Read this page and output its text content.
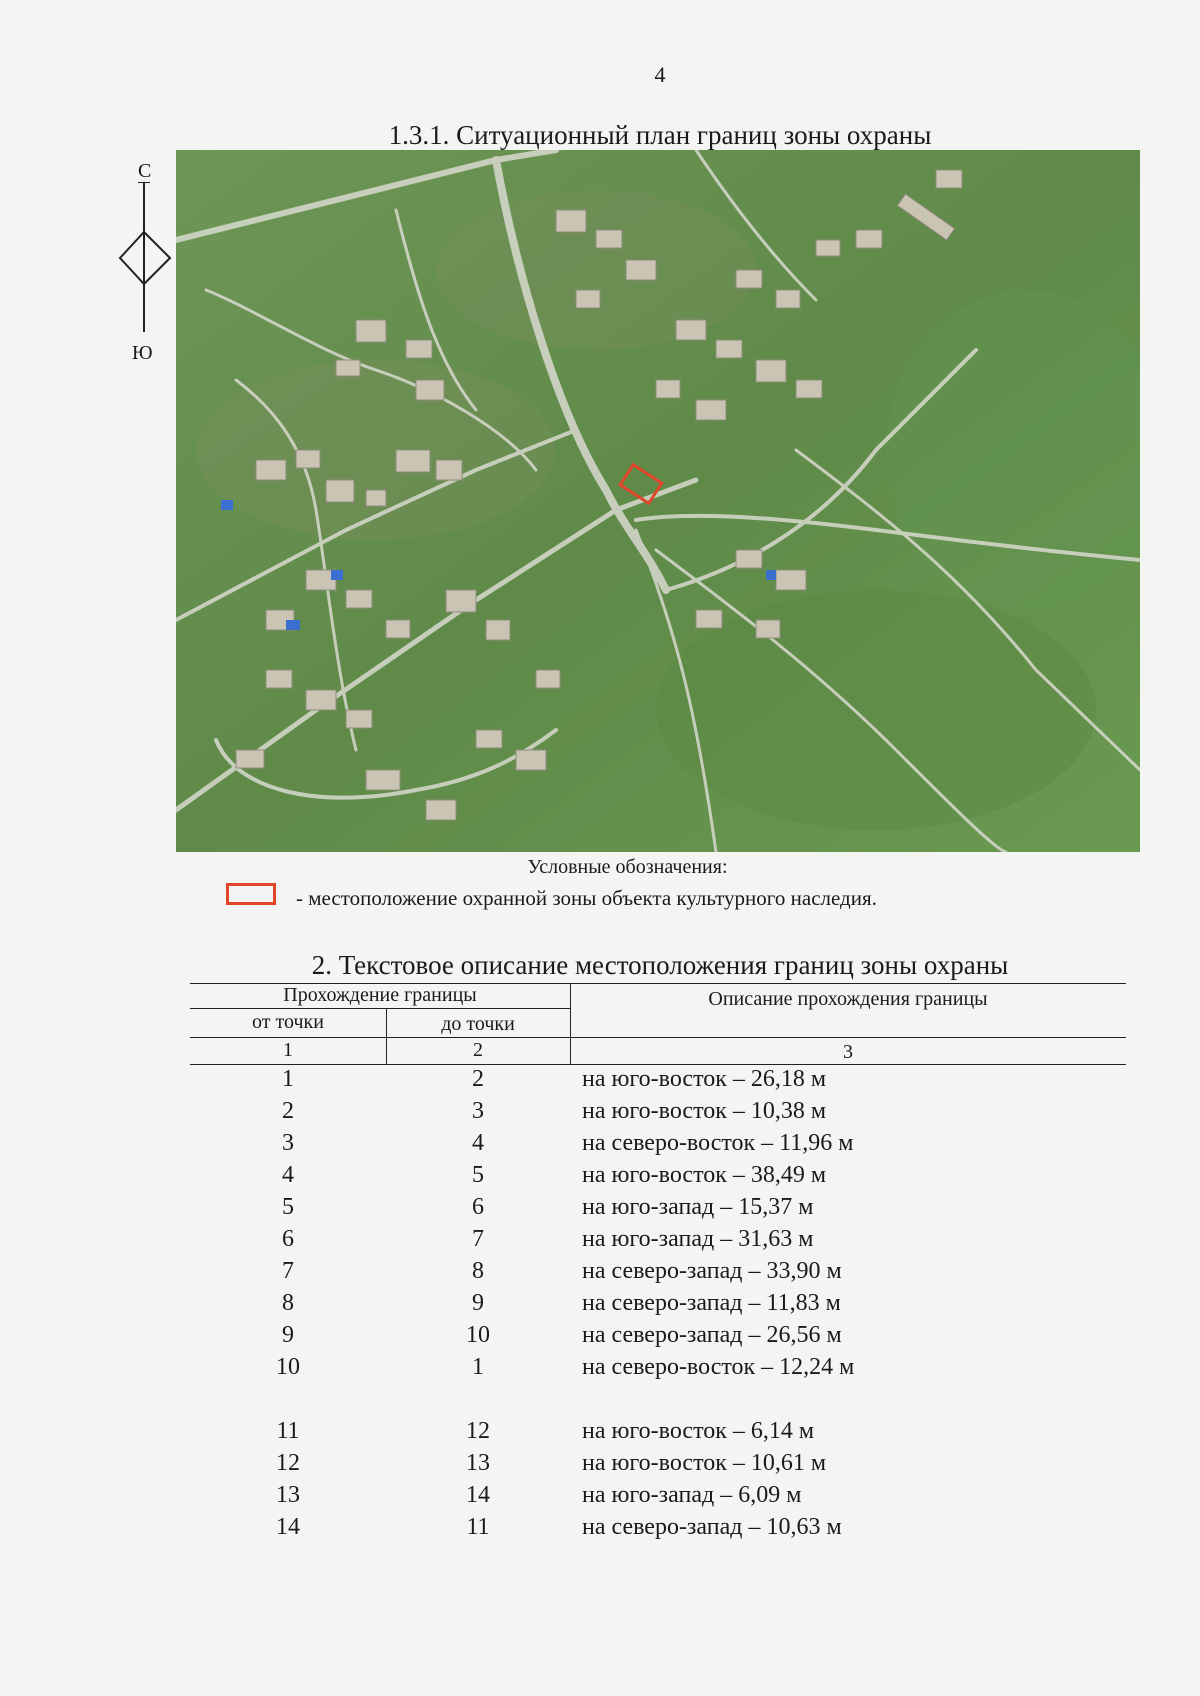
4
1.3.1. Ситуационный план границ зоны охраны
С
Ю
Условные обозначения:
- местоположение охранной зоны объекта культурного наследия.
2. Текстовое описание местоположения границ зоны охраны
Прохождение границы
от точки	до точки
Описание прохождения границы
1	2	3
1	2	на юго-восток – 26,18 м
2	3	на юго-восток – 10,38 м
3	4	на северо-восток – 11,96 м
4	5	на юго-восток – 38,49 м
5	6	на юго-запад – 15,37 м
6	7	на юго-запад – 31,63 м
7	8	на северо-запад – 33,90 м
8	9	на северо-запад – 11,83 м
9	10	на северо-запад – 26,56 м
10	1	на северо-восток – 12,24 м
11	12	на юго-восток – 6,14 м
12	13	на юго-восток – 10,61 м
13	14	на юго-запад – 6,09 м
14	11	на северо-запад – 10,63 м
